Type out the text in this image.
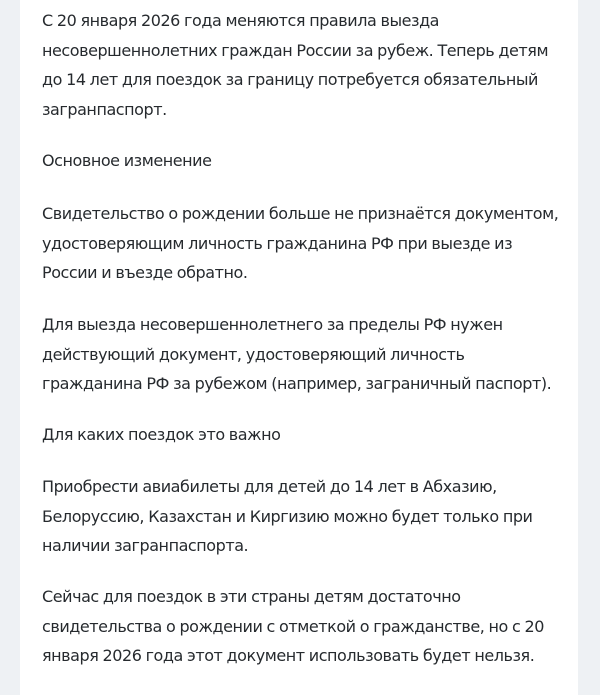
С 20 января 2026 года меняются правила выезда несовершеннолетних граждан России за рубеж. Теперь детям до 14 лет для поездок за границу потребуется обязательный загранпаспорт.

Основное изменение

Свидетельство о рождении больше не признаётся документом, удостоверяющим личность гражданина РФ при выезде из России и въезде обратно.

Для выезда несовершеннолетнего за пределы РФ нужен действующий документ, удостоверяющий личность гражданина РФ за рубежом (например, заграничный паспорт).

Для каких поездок это важно

Приобрести авиабилеты для детей до 14 лет в Абхазию, Белоруссию, Казахстан и Киргизию можно будет только при наличии загранпаспорта.

Сейчас для поездок в эти страны детям достаточно свидетельства о рождении с отметкой о гражданстве, но с 20 января 2026 года этот документ использовать будет нельзя.
